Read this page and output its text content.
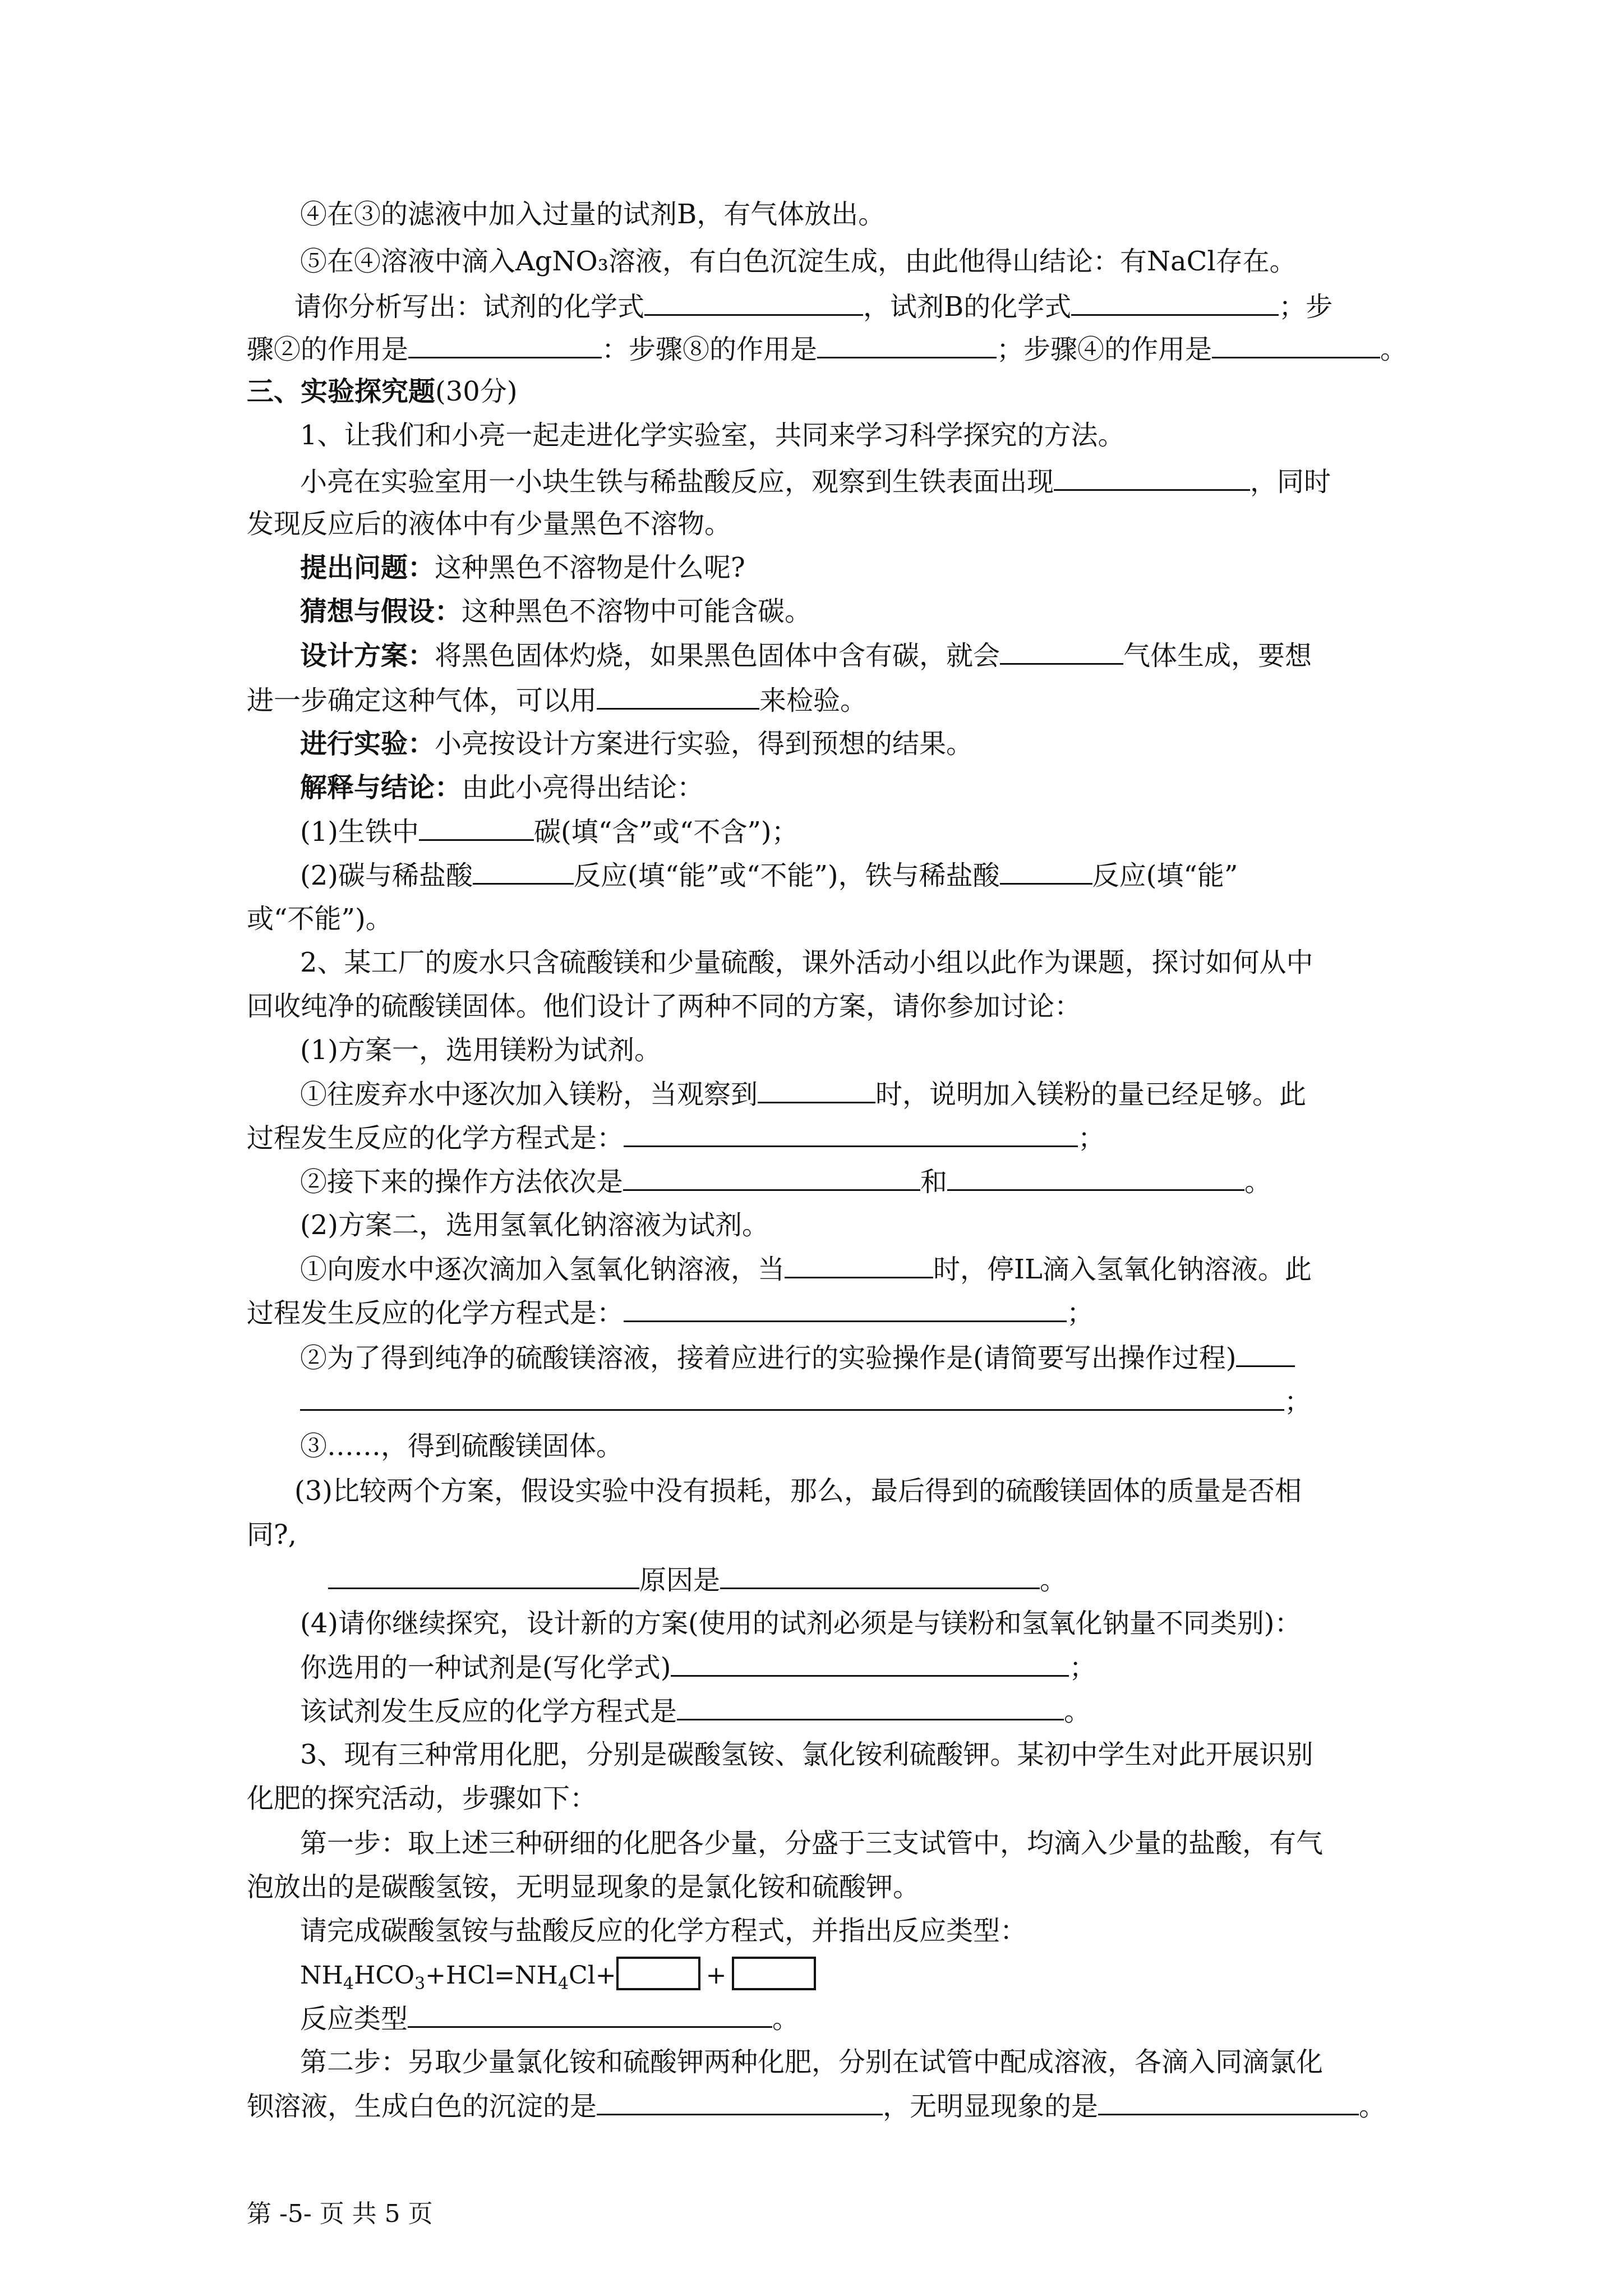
④在③的滤液中加入过量的试剂B，有气体放出。
⑤在④溶液中滴入AgNO₃溶液，有白色沉淀生成，由此他得山结论：有NaCl存在。
请你分析写出：试剂的化学式	，试剂B的化学式	；步
骤②的作用是	：步骤⑧的作用是	；步骤④的作用是	。
三、实验探究题(30分)
1、让我们和小亮一起走进化学实验室，共同来学习科学探究的方法。
小亮在实验室用一小块生铁与稀盐酸反应，观察到生铁表面出现	，同时
发现反应后的液体中有少量黑色不溶物。
提出问题：这种黑色不溶物是什么呢?
猜想与假设：这种黑色不溶物中可能含碳。
设计方案：将黑色固体灼烧，如果黑色固体中含有碳，就会	气体生成，要想
进一步确定这种气体，可以用	来检验。
进行实验：小亮按设计方案进行实验，得到预想的结果。
解释与结论：由此小亮得出结论：
(1)生铁中	碳(填“含”或“不含”)；
(2)碳与稀盐酸	反应(填“能”或“不能”)，铁与稀盐酸	反应(填“能”
或“不能”)。
2、某工厂的废水只含硫酸镁和少量硫酸，课外活动小组以此作为课题，探讨如何从中
回收纯净的硫酸镁固体。他们设计了两种不同的方案，请你参加讨论：
(1)方案一，选用镁粉为试剂。
①往废弃水中逐次加入镁粉，当观察到	时，说明加入镁粉的量已经足够。此
过程发生反应的化学方程式是：	；
②接下来的操作方法依次是	和	。
(2)方案二，选用氢氧化钠溶液为试剂。
①向废水中逐次滴加入氢氧化钠溶液，当	时，停IL滴入氢氧化钠溶液。此
过程发生反应的化学方程式是：	；
②为了得到纯净的硫酸镁溶液，接着应进行的实验操作是(请简要写出操作过程)
；
③……，得到硫酸镁固体。
(3)比较两个方案，假设实验中没有损耗，那么，最后得到的硫酸镁固体的质量是否相
同?,
原因是	。
(4)请你继续探究，设计新的方案(使用的试剂必须是与镁粉和氢氧化钠量不同类别)：
你选用的一种试剂是(写化学式)	；
该试剂发生反应的化学方程式是	。
3、现有三种常用化肥，分别是碳酸氢铵、氯化铵利硫酸钾。某初中学生对此开展识别
化肥的探究活动，步骤如下：
第一步：取上述三种研细的化肥各少量，分盛于三支试管中，均滴入少量的盐酸，有气
泡放出的是碳酸氢铵，无明显现象的是氯化铵和硫酸钾。
请完成碳酸氢铵与盐酸反应的化学方程式，并指出反应类型：
$NH_4HCO_3+HCl=NH_4Cl+$	+
反应类型	。
第二步：另取少量氯化铵和硫酸钾两种化肥，分别在试管中配成溶液，各滴入同滴氯化
钡溶液，生成白色的沉淀的是	，无明显现象的是	。
第 -5- 页 共 5 页
